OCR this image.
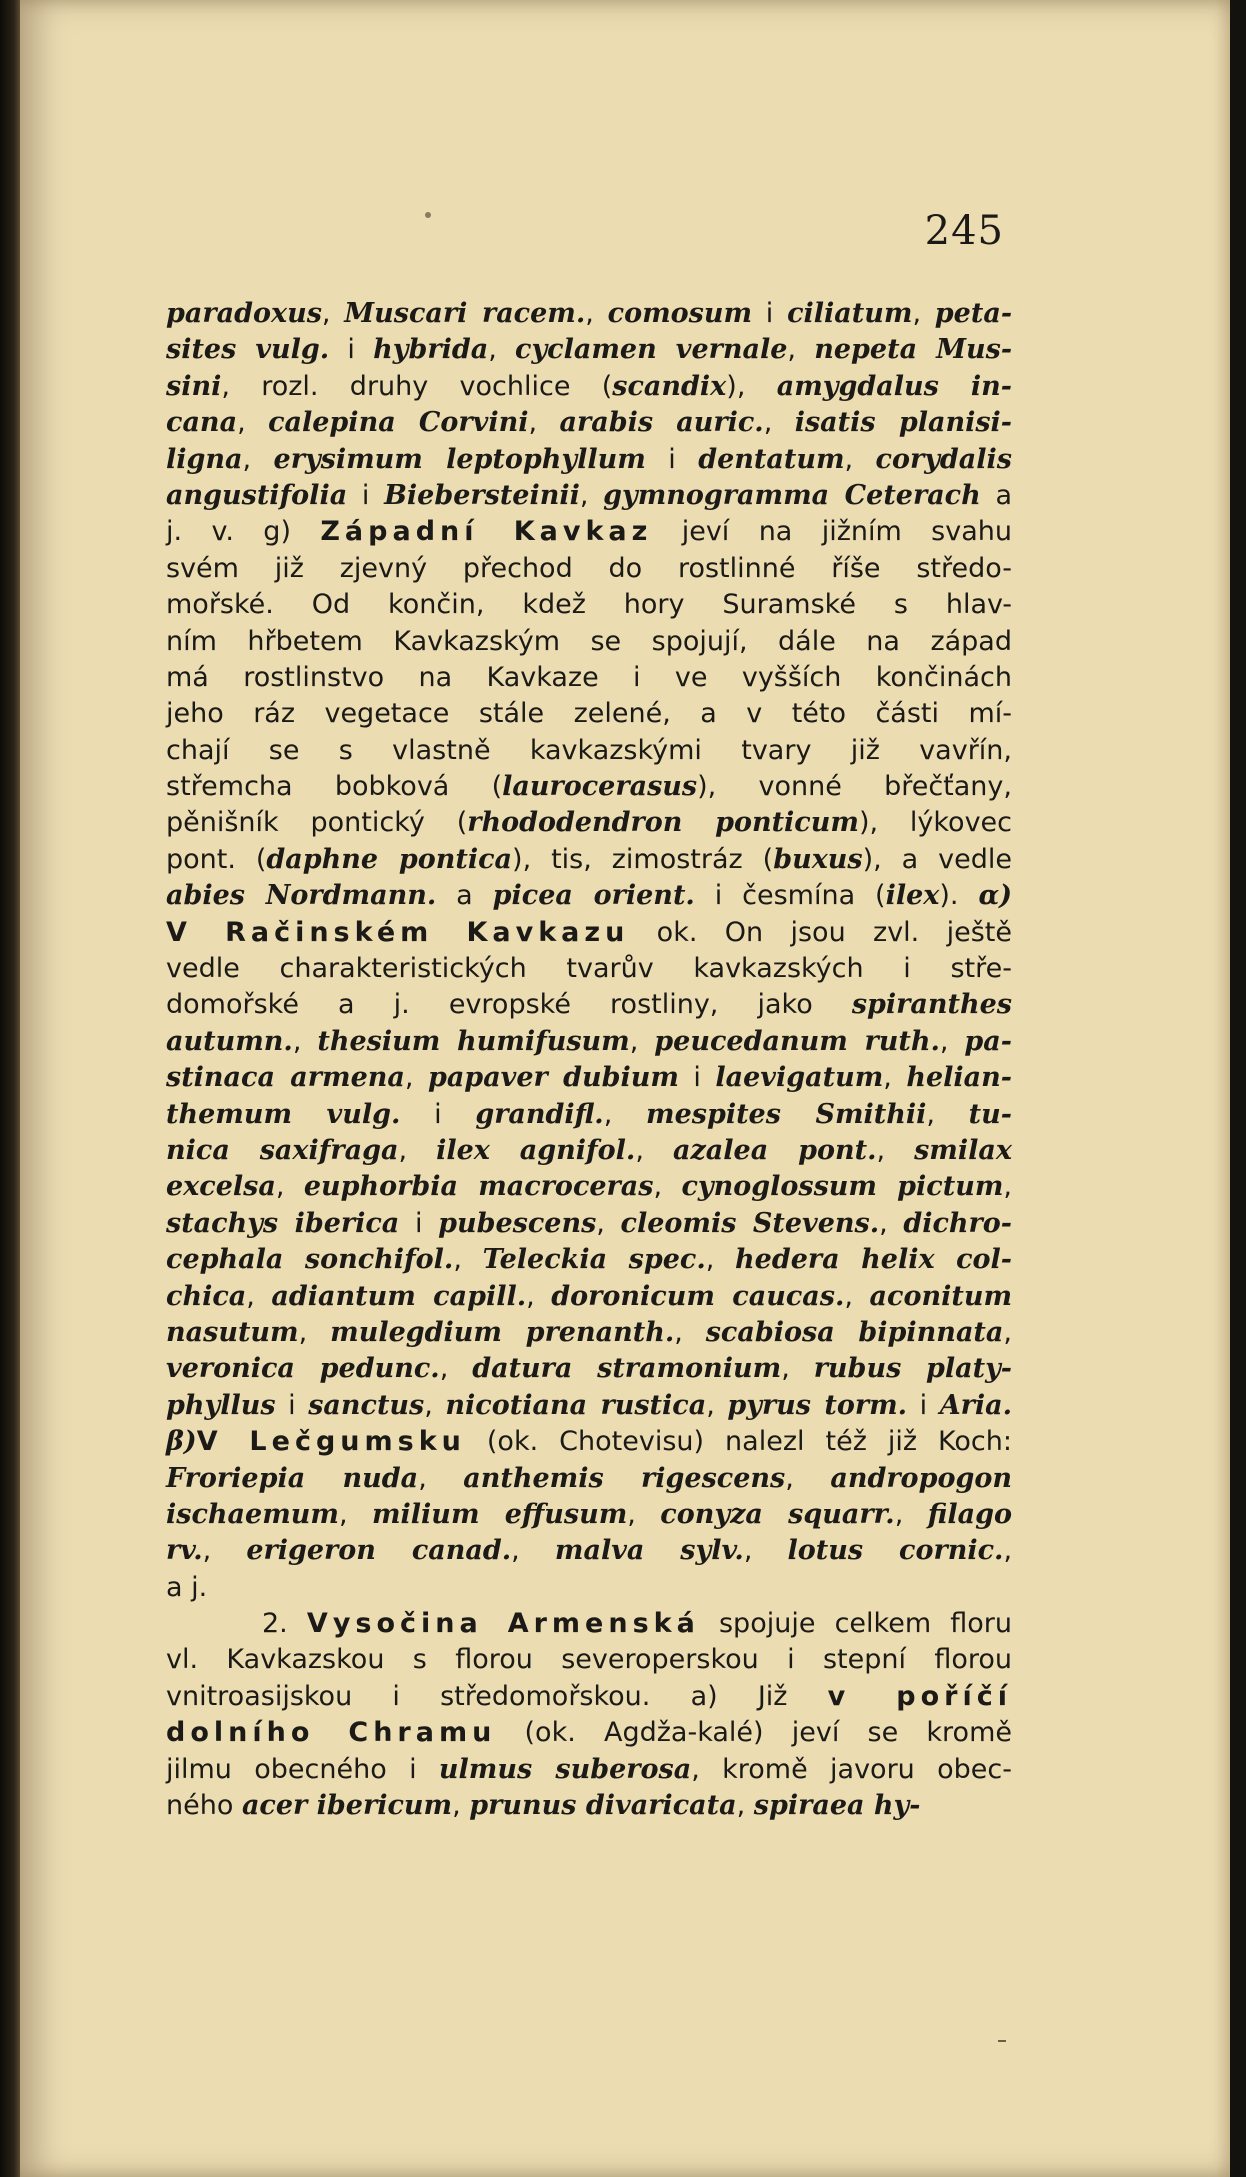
245
paradoxus, Muscari racem., comosum i ciliatum, peta-
sites vulg. i hybrida, cyclamen vernale, nepeta Mus-
sini, rozl. druhy vochlice (scandix), amygdalus in-
cana, calepina Corvini, arabis auric., isatis planisi-
ligna, erysimum leptophyllum i dentatum, corydalis
angustifolia i Biebersteinii, gymnogramma Ceterach a
j. v. g) Západní Kavkaz jeví na jižním svahu
svém již zjevný přechod do rostlinné říše středo-
mořské. Od končin, kdež hory Suramské s hlav-
ním hřbetem Kavkazským se spojují, dále na západ
má rostlinstvo na Kavkaze i ve vyšších končinách
jeho ráz vegetace stále zelené, a v této části mí-
chají se s vlastně kavkazskými tvary již vavřín,
střemcha bobková (laurocerasus), vonné břečťany,
pěnišník pontický (rhododendron ponticum), lýkovec
pont. (daphne pontica), tis, zimostráz (buxus), a vedle
abies Nordmann. a picea orient. i česmína (ilex). α)
V Račinském Kavkazu ok. On jsou zvl. ještě
vedle charakteristických tvarův kavkazských i stře-
domořské a j. evropské rostliny, jako spiranthes
autumn., thesium humifusum, peucedanum ruth., pa-
stinaca armena, papaver dubium i laevigatum, helian-
themum vulg. i grandifl., mespites Smithii, tu-
nica saxifraga, ilex agnifol., azalea pont., smilax
excelsa, euphorbia macroceras, cynoglossum pictum,
stachys iberica i pubescens, cleomis Stevens., dichro-
cephala sonchifol., Teleckia spec., hedera helix col-
chica, adiantum capill., doronicum caucas., aconitum
nasutum, mulegdium prenanth., scabiosa bipinnata,
veronica pedunc., datura stramonium, rubus platy-
phyllus i sanctus, nicotiana rustica, pyrus torm. i Aria.
β)V Lečgumsku (ok. Chotevisu) nalezl též již Koch:
Froriepia nuda, anthemis rigescens, andropogon
ischaemum, milium effusum, conyza squarr., filago
rv., erigeron canad., malva sylv., lotus cornic.,
a j.
2. Vysočina Armenská spojuje celkem floru
vl. Kavkazskou s florou severoperskou i stepní florou
vnitroasijskou i středomořskou. a) Již v poříčí
dolního Chramu (ok. Agdža-kalé) jeví se kromě
jilmu obecného i ulmus suberosa, kromě javoru obec-
ného acer ibericum, prunus divaricata, spiraea hy-
